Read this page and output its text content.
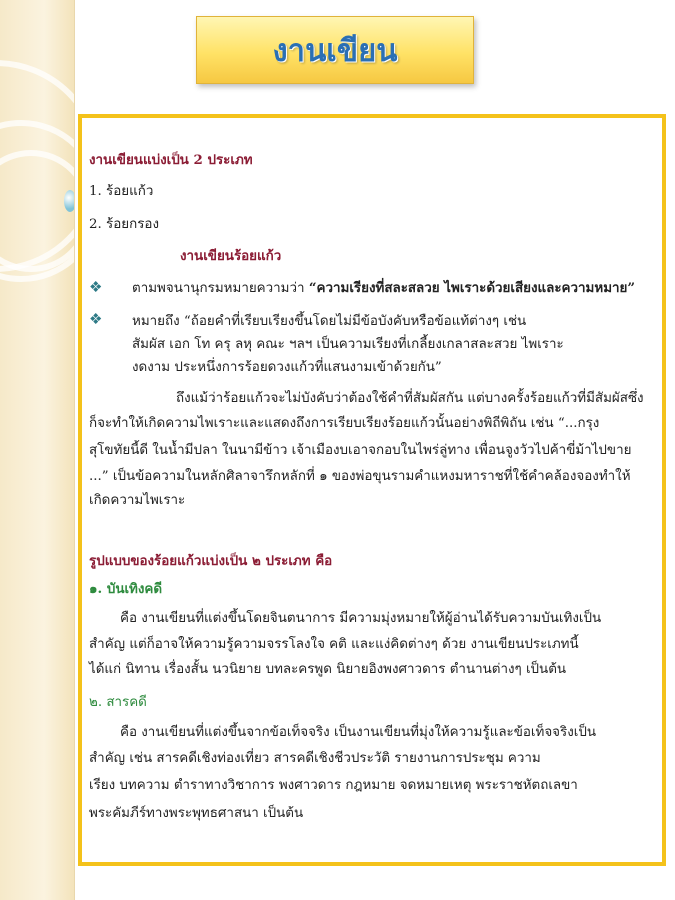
งานเขียน
งานเขียนแบ่งเป็น 2 ประเภท
1. ร้อยแก้ว
2. ร้อยกรอง
งานเขียนร้อยแก้ว
❖ ตามพจนานุกรมหมายความว่า “ความเรียงที่สละสลวย ไพเราะด้วยเสียงและความหมาย”
❖ หมายถึง “ถ้อยคำที่เรียบเรียงขึ้นโดยไม่มีข้อบังคับหรือข้อแท้ต่างๆ เช่น
สัมผัส เอก โท ครุ ลหุ คณะ ฯลฯ เป็นความเรียงที่เกลี้ยงเกลาสละสวย ไพเราะ
งดงาม ประหนึ่งการร้อยดวงแก้วที่แสนงามเข้าด้วยกัน”
ถึงแม้ว่าร้อยแก้วจะไม่บังคับว่าต้องใช้คำที่สัมผัสกัน แต่บางครั้งร้อยแก้วที่มีสัมผัสซึ่ง
ก็จะทำให้เกิดความไพเราะและแสดงถึงการเรียบเรียงร้อยแก้วนั้นอย่างพิถีพิถัน เช่น “...กรุง
สุโขทัยนี้ดี ในน้ำมีปลา ในนามีข้าว เจ้าเมืองบเอาจกอบในไพร่ลู่ทาง เพื่อนจูงวัวไปค้าขี่ม้าไปขาย
...” เป็นข้อความในหลักศิลาจารึกหลักที่ ๑ ของพ่อขุนรามคำแหงมหาราชที่ใช้คำคล้องจองทำให้
เกิดความไพเราะ
รูปแบบของร้อยแก้วแบ่งเป็น ๒ ประเภท คือ
๑. บันเทิงคดี
คือ งานเขียนที่แต่งขึ้นโดยจินตนาการ มีความมุ่งหมายให้ผู้อ่านได้รับความบันเทิงเป็น
สำคัญ แต่ก็อาจให้ความรู้ความจรรโลงใจ คติ และแง่คิดต่างๆ ด้วย งานเขียนประเภทนี้
ได้แก่ นิทาน เรื่องสั้น นวนิยาย บทละครพูด นิยายอิงพงศาวดาร ตำนานต่างๆ เป็นต้น
๒. สารคดี
คือ งานเขียนที่แต่งขึ้นจากข้อเท็จจริง เป็นงานเขียนที่มุ่งให้ความรู้และข้อเท็จจริงเป็น
สำคัญ เช่น สารคดีเชิงท่องเที่ยว สารคดีเชิงชีวประวัติ รายงานการประชุม ความ
เรียง บทความ ตำราทางวิชาการ พงศาวดาร กฎหมาย จดหมายเหตุ พระราชหัตถเลขา
พระคัมภีร์ทางพระพุทธศาสนา เป็นต้น
